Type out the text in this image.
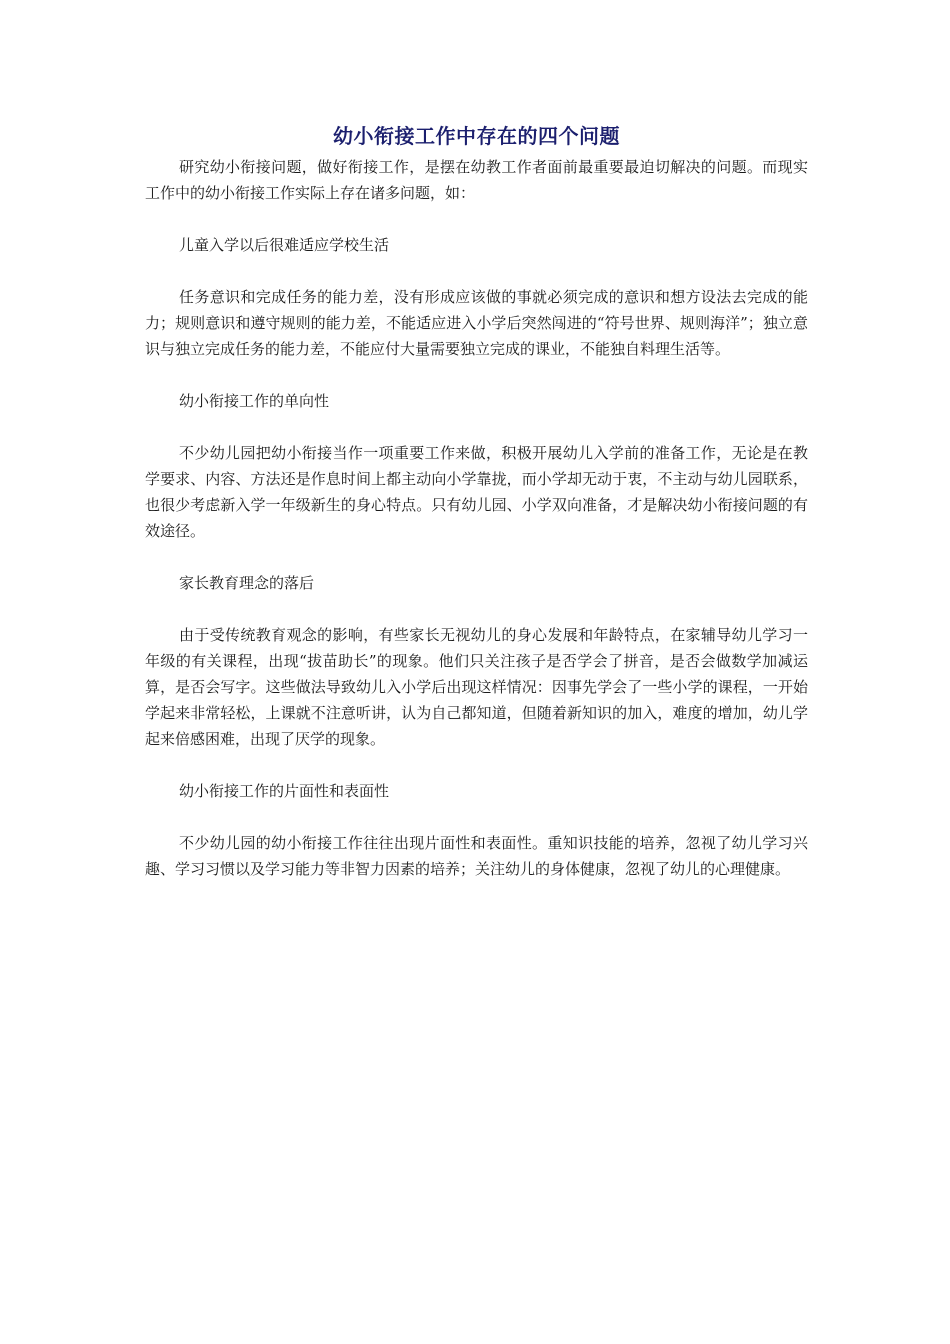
幼小衔接工作中存在的四个问题

研究幼小衔接问题，做好衔接工作，是摆在幼教工作者面前最重要最迫切解决的问题。而现实工作中的幼小衔接工作实际上存在诸多问题，如：

儿童入学以后很难适应学校生活

任务意识和完成任务的能力差，没有形成应该做的事就必须完成的意识和想方设法去完成的能力；规则意识和遵守规则的能力差，不能适应进入小学后突然闯进的“符号世界、规则海洋”；独立意识与独立完成任务的能力差，不能应付大量需要独立完成的课业，不能独自料理生活等。

幼小衔接工作的单向性

不少幼儿园把幼小衔接当作一项重要工作来做，积极开展幼儿入学前的准备工作，无论是在教学要求、内容、方法还是作息时间上都主动向小学靠拢，而小学却无动于衷，不主动与幼儿园联系，也很少考虑新入学一年级新生的身心特点。只有幼儿园、小学双向准备，才是解决幼小衔接问题的有效途径。

家长教育理念的落后

由于受传统教育观念的影响，有些家长无视幼儿的身心发展和年龄特点，在家辅导幼儿学习一年级的有关课程，出现“拔苗助长”的现象。他们只关注孩子是否学会了拼音，是否会做数学加减运算，是否会写字。这些做法导致幼儿入小学后出现这样情况：因事先学会了一些小学的课程，一开始学起来非常轻松，上课就不注意听讲，认为自己都知道，但随着新知识的加入，难度的增加，幼儿学起来倍感困难，出现了厌学的现象。

幼小衔接工作的片面性和表面性

不少幼儿园的幼小衔接工作往往出现片面性和表面性。重知识技能的培养，忽视了幼儿学习兴趣、学习习惯以及学习能力等非智力因素的培养；关注幼儿的身体健康，忽视了幼儿的心理健康。
